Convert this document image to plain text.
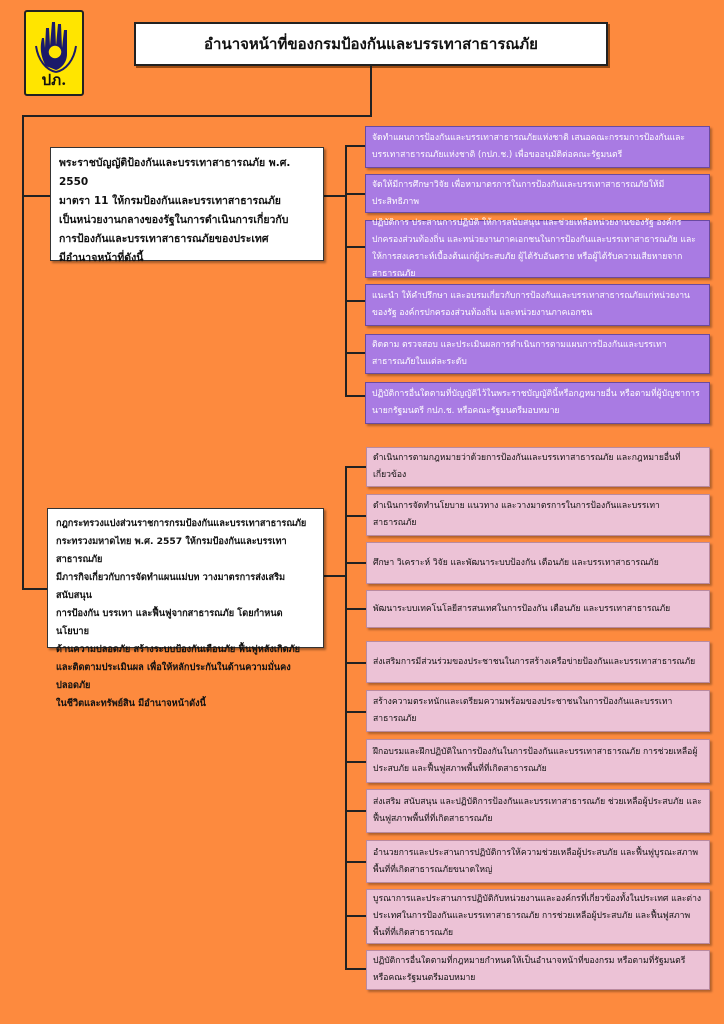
ปภ.
อำนาจหน้าที่ของกรมป้องกันและบรรเทาสาธารณภัย
พระราชบัญญัติป้องกันและบรรเทาสาธารณภัย พ.ศ. 2550
มาตรา 11 ให้กรมป้องกันและบรรเทาสาธารณภัย
เป็นหน่วยงานกลางของรัฐในการดำเนินการเกี่ยวกับ
การป้องกันและบรรเทาสาธารณภัยของประเทศ
มีอำนาจหน้าที่ดังนี้
จัดทำแผนการป้องกันและบรรเทาสาธารณภัยแห่งชาติ เสนอคณะกรรมการป้องกันและบรรเทาสาธารณภัยแห่งชาติ (กปภ.ช.) เพื่อขออนุมัติต่อคณะรัฐมนตรี
จัดให้มีการศึกษาวิจัย เพื่อหามาตรการในการป้องกันและบรรเทาสาธารณภัยให้มีประสิทธิภาพ
ปฏิบัติการ ประสานการปฏิบัติ ให้การสนับสนุน และช่วยเหลือหน่วยงานของรัฐ องค์กรปกครองส่วนท้องถิ่น และหน่วยงานภาคเอกชนในการป้องกันและบรรเทาสาธารณภัย และให้การสงเคราะห์เบื้องต้นแก่ผู้ประสบภัย ผู้ได้รับอันตราย หรือผู้ได้รับความเสียหายจากสาธารณภัย
แนะนำ ให้คำปรึกษา และอบรมเกี่ยวกับการป้องกันและบรรเทาสาธารณภัยแก่หน่วยงานของรัฐ องค์กรปกครองส่วนท้องถิ่น และหน่วยงานภาคเอกชน
ติดตาม ตรวจสอบ และประเมินผลการดำเนินการตามแผนการป้องกันและบรรเทาสาธารณภัยในแต่ละระดับ
ปฏิบัติการอื่นใดตามที่บัญญัติไว้ในพระราชบัญญัตินี้หรือกฎหมายอื่น หรือตามที่ผู้บัญชาการ นายกรัฐมนตรี กปภ.ช. หรือคณะรัฐมนตรีมอบหมาย
กฎกระทรวงแบ่งส่วนราชการกรมป้องกันและบรรเทาสาธารณภัย
กระทรวงมหาดไทย พ.ศ. 2557 ให้กรมป้องกันและบรรเทาสาธารณภัย
มีภารกิจเกี่ยวกับการจัดทำแผนแม่บท วางมาตรการส่งเสริมสนับสนุน
การป้องกัน บรรเทา และฟื้นฟูจากสาธารณภัย โดยกำหนดนโยบาย
ด้านความปลอดภัย สร้างระบบป้องกันเตือนภัย ฟื้นฟูหลังเกิดภัย
และติดตามประเมินผล เพื่อให้หลักประกันในด้านความมั่นคงปลอดภัย
ในชีวิตและทรัพย์สิน มีอำนาจหน้าดังนี้
ดำเนินการตามกฎหมายว่าด้วยการป้องกันและบรรเทาสาธารณภัย และกฎหมายอื่นที่เกี่ยวข้อง
ดำเนินการจัดทำนโยบาย แนวทาง และวางมาตรการในการป้องกันและบรรเทาสาธารณภัย
ศึกษา วิเคราะห์ วิจัย และพัฒนาระบบป้องกัน เตือนภัย และบรรเทาสาธารณภัย
พัฒนาระบบเทคโนโลยีสารสนเทศในการป้องกัน เตือนภัย และบรรเทาสาธารณภัย
ส่งเสริมการมีส่วนร่วมของประชาชนในการสร้างเครือข่ายป้องกันและบรรเทาสาธารณภัย
สร้างความตระหนักและเตรียมความพร้อมของประชาชนในการป้องกันและบรรเทาสาธารณภัย
ฝึกอบรมและฝึกปฏิบัติในการป้องกันในการป้องกันและบรรเทาสาธารณภัย การช่วยเหลือผู้ประสบภัย และฟื้นฟูสภาพพื้นที่ที่เกิดสาธารณภัย
ส่งเสริม สนับสนุน และปฏิบัติการป้องกันและบรรเทาสาธารณภัย ช่วยเหลือผู้ประสบภัย และฟื้นฟูสภาพพื้นที่ที่เกิดสาธารณภัย
อำนวยการและประสานการปฏิบัติการให้ความช่วยเหลือผู้ประสบภัย และฟื้นฟูบูรณะสภาพพื้นที่ที่เกิดสาธารณภัยขนาดใหญ่
บูรณาการและประสานการปฏิบัติกับหน่วยงานและองค์กรที่เกี่ยวข้องทั้งในประเทศ และต่างประเทศในการป้องกันและบรรเทาสาธารณภัย การช่วยเหลือผู้ประสบภัย และฟื้นฟูสภาพพื้นที่ที่เกิดสาธารณภัย
ปฏิบัติการอื่นใดตามที่กฎหมายกำหนดให้เป็นอำนาจหน้าที่ของกรม หรือตามที่รัฐมนตรี หรือคณะรัฐมนตรีมอบหมาย
